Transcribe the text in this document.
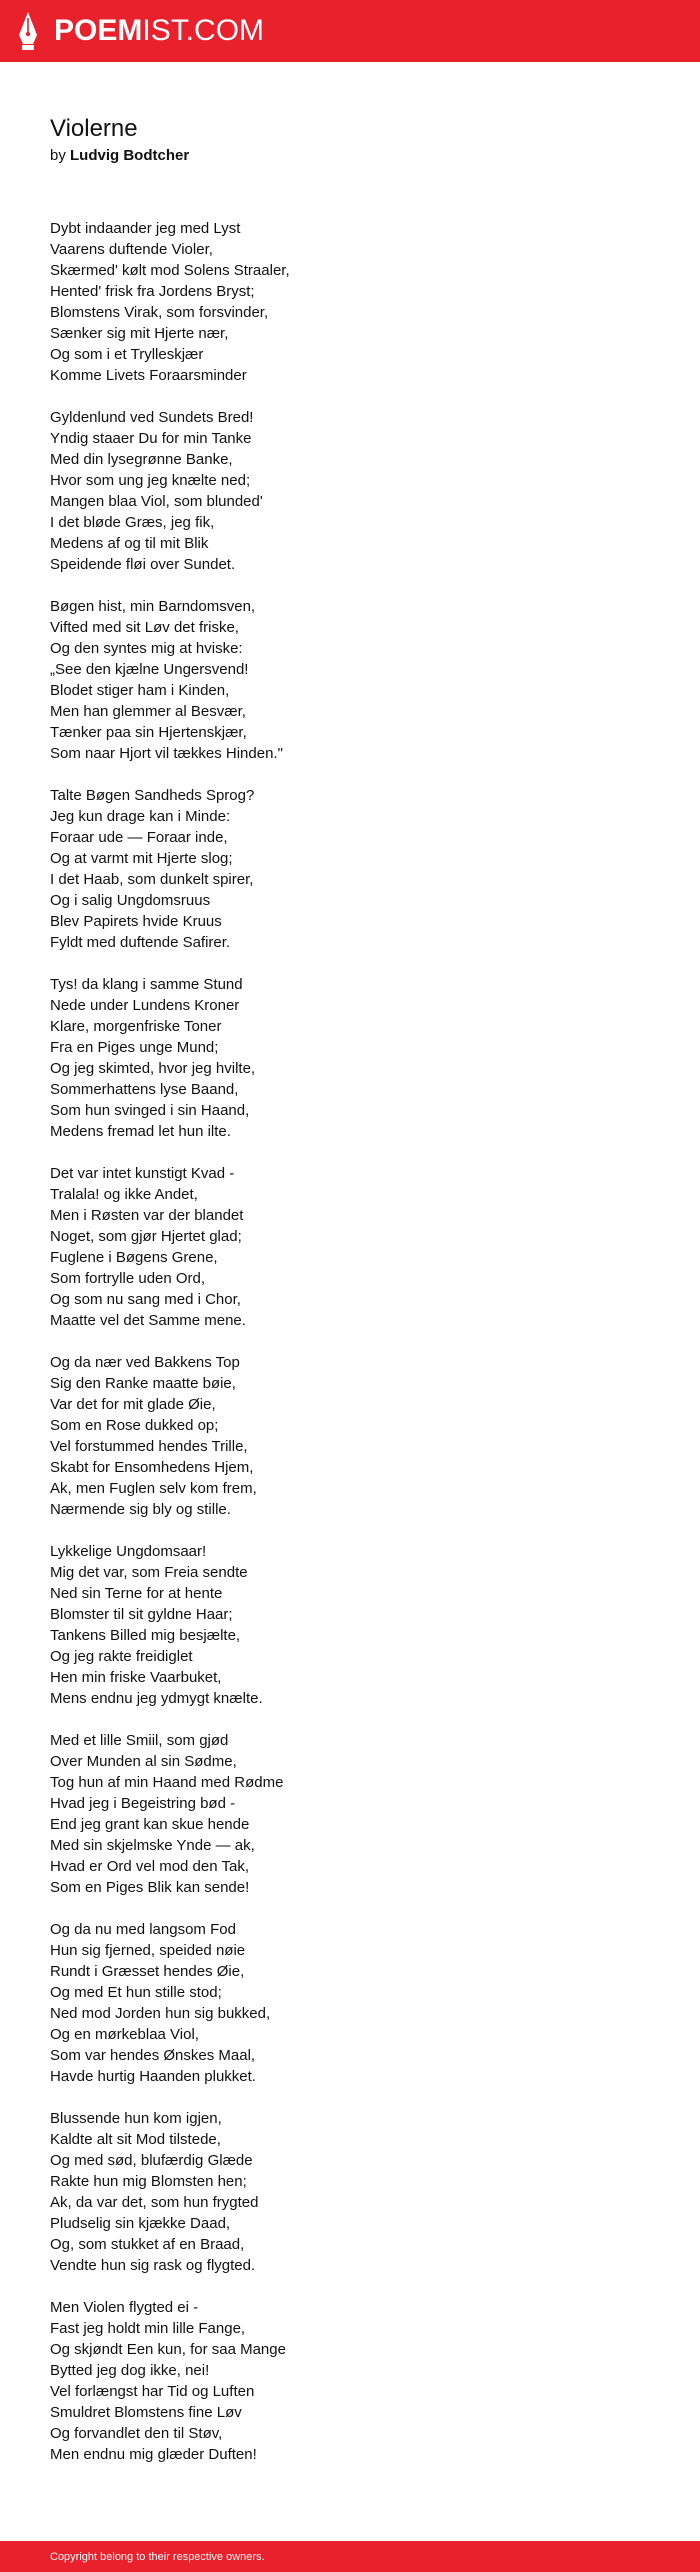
POEMIST.COM
Violerne
by Ludvig Bodtcher
Dybt indaander jeg med Lyst
Vaarens duftende Violer,
Skærmed' kølt mod Solens Straaler,
Hented' frisk fra Jordens Bryst;
Blomstens Virak, som forsvinder,
Sænker sig mit Hjerte nær,
Og som i et Trylleskjær
Komme Livets Foraarsminder
Gyldenlund ved Sundets Bred!
Yndig staaer Du for min Tanke
Med din lysegrønne Banke,
Hvor som ung jeg knælte ned;
Mangen blaa Viol, som blunded'
I det bløde Græs, jeg fik,
Medens af og til mit Blik
Speidende fløi over Sundet.
Bøgen hist, min Barndomsven,
Vifted med sit Løv det friske,
Og den syntes mig at hviske:
„See den kjælne Ungersvend!
Blodet stiger ham i Kinden,
Men han glemmer al Besvær,
Tænker paa sin Hjertenskjær,
Som naar Hjort vil tækkes Hinden."
Talte Bøgen Sandheds Sprog?
Jeg kun drage kan i Minde:
Foraar ude — Foraar inde,
Og at varmt mit Hjerte slog;
I det Haab, som dunkelt spirer,
Og i salig Ungdomsruus
Blev Papirets hvide Kruus
Fyldt med duftende Safirer.
Tys! da klang i samme Stund
Nede under Lundens Kroner
Klare, morgenfriske Toner
Fra en Piges unge Mund;
Og jeg skimted, hvor jeg hvilte,
Sommerhattens lyse Baand,
Som hun svinged i sin Haand,
Medens fremad let hun ilte.
Det var intet kunstigt Kvad -
Tralala! og ikke Andet,
Men i Røsten var der blandet
Noget, som gjør Hjertet glad;
Fuglene i Bøgens Grene,
Som fortrylle uden Ord,
Og som nu sang med i Chor,
Maatte vel det Samme mene.
Og da nær ved Bakkens Top
Sig den Ranke maatte bøie,
Var det for mit glade Øie,
Som en Rose dukked op;
Vel forstummed hendes Trille,
Skabt for Ensomhedens Hjem,
Ak, men Fuglen selv kom frem,
Nærmende sig bly og stille.
Lykkelige Ungdomsaar!
Mig det var, som Freia sendte
Ned sin Terne for at hente
Blomster til sit gyldne Haar;
Tankens Billed mig besjælte,
Og jeg rakte freidiglet
Hen min friske Vaarbuket,
Mens endnu jeg ydmygt knælte.
Med et lille Smiil, som gjød
Over Munden al sin Sødme,
Tog hun af min Haand med Rødme
Hvad jeg i Begeistring bød -
End jeg grant kan skue hende
Med sin skjelmske Ynde — ak,
Hvad er Ord vel mod den Tak,
Som en Piges Blik kan sende!
Og da nu med langsom Fod
Hun sig fjerned, speided nøie
Rundt i Græsset hendes Øie,
Og med Et hun stille stod;
Ned mod Jorden hun sig bukked,
Og en mørkeblaa Viol,
Som var hendes Ønskes Maal,
Havde hurtig Haanden plukket.
Blussende hun kom igjen,
Kaldte alt sit Mod tilstede,
Og med sød, blufærdig Glæde
Rakte hun mig Blomsten hen;
Ak, da var det, som hun frygted
Pludselig sin kjække Daad,
Og, som stukket af en Braad,
Vendte hun sig rask og flygted.
Men Violen flygted ei -
Fast jeg holdt min lille Fange,
Og skjøndt Een kun, for saa Mange
Bytted jeg dog ikke, nei!
Vel forlængst har Tid og Luften
Smuldret Blomstens fine Løv
Og forvandlet den til Støv,
Men endnu mig glæder Duften!
Copyright belong to their respective owners.
